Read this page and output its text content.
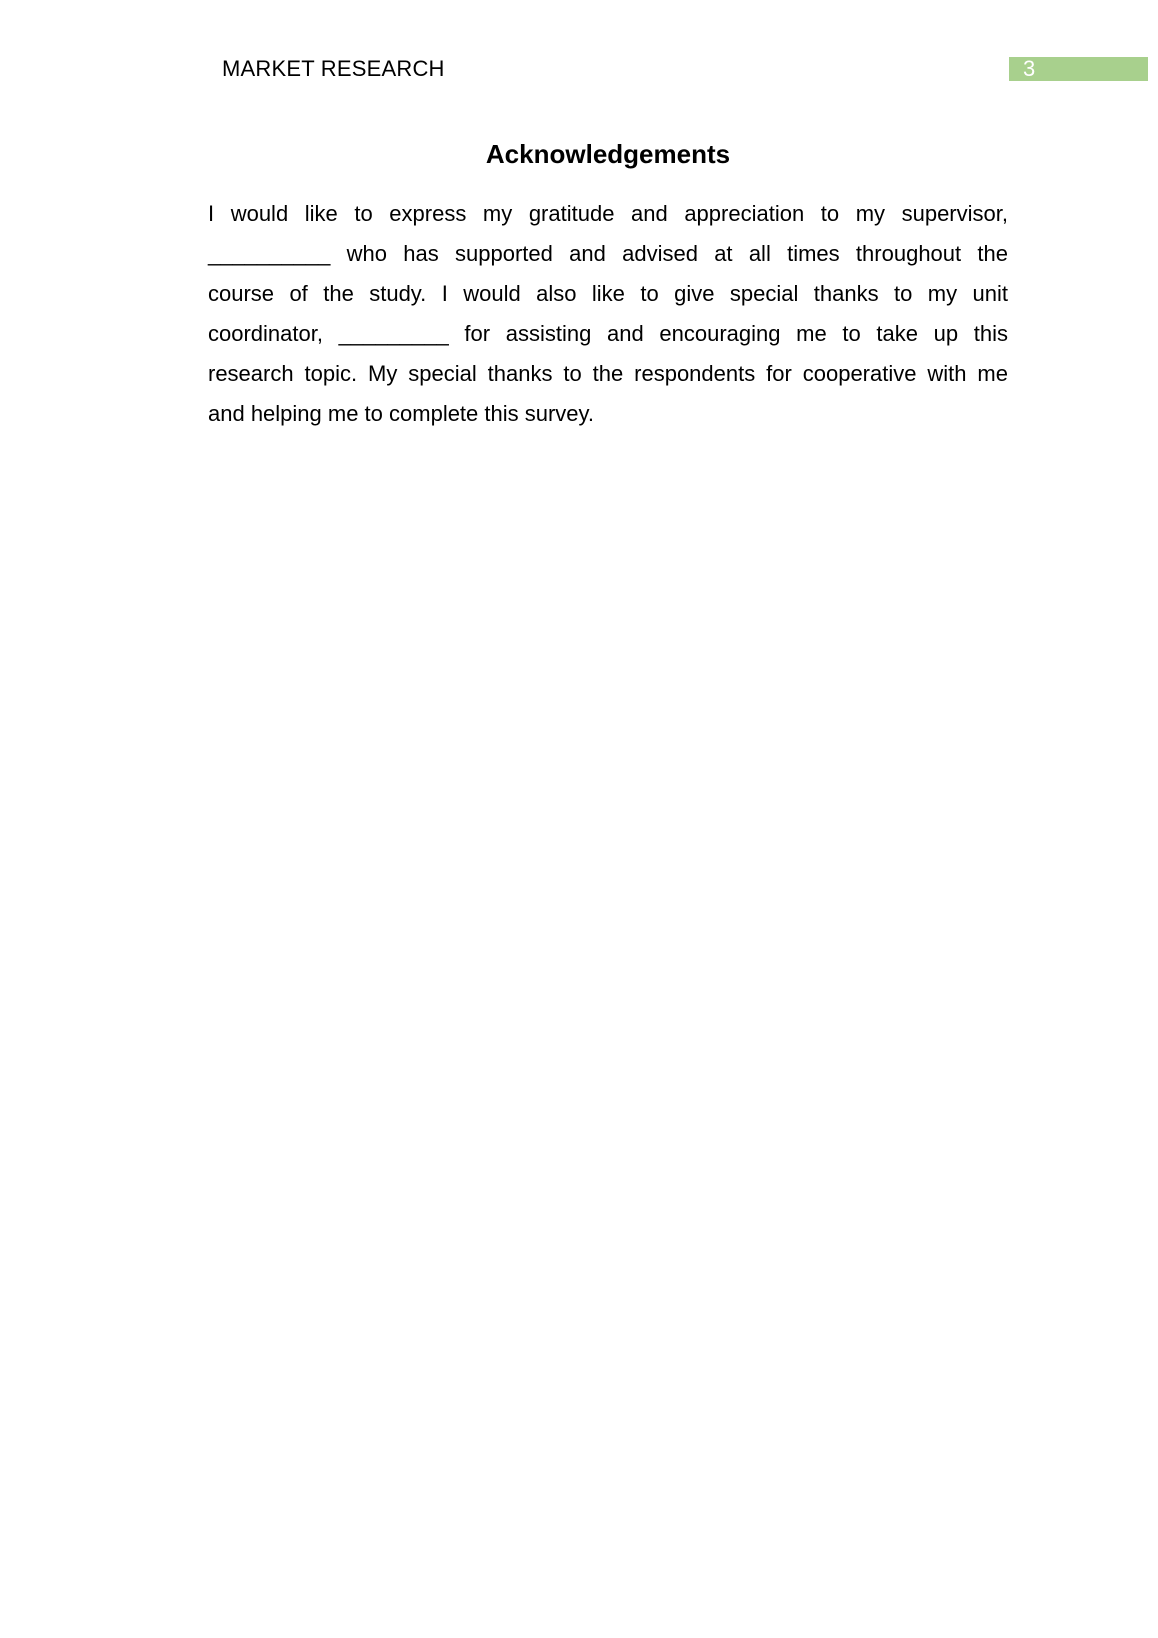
MARKET RESEARCH	3
Acknowledgements

I would like to express my gratitude and appreciation to my supervisor,
__________ who has supported and advised at all times throughout the
course of the study. I would also like to give special thanks to my unit
coordinator, _________ for assisting and encouraging me to take up this
research topic. My special thanks to the respondents for cooperative with me
and helping me to complete this survey.
